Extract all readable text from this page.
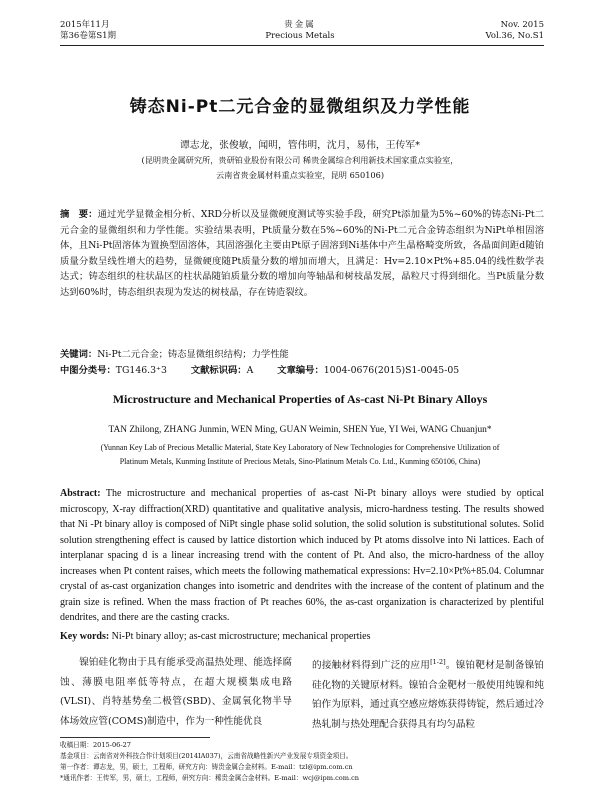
2015年11月
第36卷第S1期
贵金属
Precious Metals
Nov. 2015
Vol.36, No.S1
铸态Ni-Pt二元合金的显微组织及力学性能
谭志龙，张俊敏，闻明，管伟明，沈月，易伟，王传军*
(昆明贵金属研究所，贵研铂业股份有限公司 稀贵金属综合利用新技术国家重点实验室，
云南省贵金属材料重点实验室，昆明 650106)
摘　要：通过光学显微金相分析、XRD分析以及显微硬度测试等实验手段，研究Pt添加量为5%~60%的铸态Ni-Pt二元合金的显微组织和力学性能。实验结果表明，Pt质量分数在5%~60%的Ni-Pt二元合金铸态组织为NiPt单相固溶体，且Ni-Pt固溶体为置换型固溶体，其固溶强化主要由Pt原子固溶到Ni基体中产生晶格畸变所致，各晶面间距d随铂质量分数呈线性增大的趋势，显微硬度随Pt质量分数的增加而增大，且满足：Hv=2.10×Pt%+85.04的线性数学表达式；铸态组织的柱状晶区的柱状晶随铂质量分数的增加向等轴晶和树枝晶发展，晶粒尺寸得到细化。当Pt质量分数达到60%时，铸态组织表现为发达的树枝晶，存在铸造裂纹。
关键词：Ni-Pt二元合金；铸态显微组织结构；力学性能
中图分类号：TG146.3⁺3	文献标识码：A	文章编号：1004-0676(2015)S1-0045-05
Microstructure and Mechanical Properties of As-cast Ni-Pt Binary Alloys
TAN Zhilong, ZHANG Junmin, WEN Ming, GUAN Weimin, SHEN Yue, YI Wei, WANG Chuanjun*
(Yunnan Key Lab of Precious Metallic Material, State Key Laboratory of New Technologies for Comprehensive Utilization of
Platinum Metals, Kunming Institute of Precious Metals, Sino-Platinum Metals Co. Ltd., Kunming 650106, China)
Abstract: The microstructure and mechanical properties of as-cast Ni-Pt binary alloys were studied by optical microscopy, X-ray diffraction(XRD) quantitative and qualitative analysis, micro-hardness testing. The results showed that Ni -Pt binary alloy is composed of NiPt single phase solid solution, the solid solution is substitutional solutes. Solid solution strengthening effect is caused by lattice distortion which induced by Pt atoms dissolve into Ni lattices. Each of interplanar spacing d is a linear increasing trend with the content of Pt. And also, the micro-hardness of the alloy increases when Pt content raises, which meets the following mathematical expressions: Hv=2.10×Pt%+85.04. Columnar crystal of as-cast organization changes into isometric and dendrites with the increase of the content of platinum and the grain size is refined. When the mass fraction of Pt reaches 60%, the as-cast organization is characterized by plentiful dendrites, and there are the casting cracks.
Key words: Ni-Pt binary alloy; as-cast microstructure; mechanical properties
镍铂硅化物由于具有能承受高温热处理、能选择腐蚀、薄膜电阻率低等特点，在超大规模集成电路(VLSI)、肖特基势垒二极管(SBD)、金属氧化物半导体场效应管(COMS)制造中，作为一种性能优良
的接触材料得到广泛的应用[1-2]。镍铂靶材是制备镍铂硅化物的关键原材料。镍铂合金靶材一般使用纯镍和纯铂作为原料，通过真空感应熔炼获得铸锭，然后通过冷热轧制与热处理配合获得具有均匀晶粒
收稿日期：2015-06-27
基金项目：云南省对外科技合作计划项目(2014IA037)，云南省战略性新兴产业发展专项资金项目。
第一作者：谭志龙，男，硕士，工程师，研究方向：铸贵金属合金材料。E-mail：tzl@ipm.com.cn
*通讯作者：王传军，男，硕士，工程师，研究方向：稀贵金属合金材料。E-mail：wcj@ipm.com.cn
